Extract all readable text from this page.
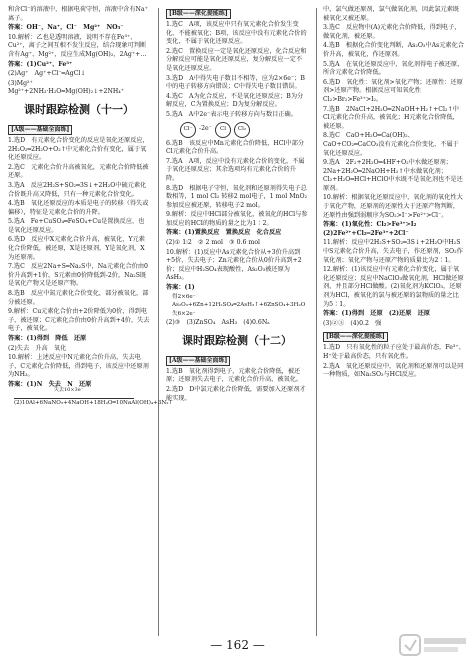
和含Cl⁻的溶液中，根据电荷守恒，溶液中含有Na⁺离子。

答案：OH⁻，Na⁺，Cl⁻　Mg²⁺　NO₃⁻

10.解析：乙也是透明溶液，说明不存在Fe³⁺、Cu²⁺，离子之间互相不发生反应，结合现象可判断含有Ag⁺、Mg²⁺，反应生成Mg(OH)₂，2Ag⁺+…

答案：(1)Cu²⁺、Fe³⁺

(2)Ag⁺　Ag⁺+Cl⁻═AgCl↓

(3)Mg²⁺　Mg²⁺+2NH₃·H₂O═Mg(OH)₂↓+2NH₄⁺

课时跟踪检测（十一）
[A级——基础全面练]

1.选D　有元素化合价变化的反应是氧化还原反应，2H₂O₂═2H₂O+O₂↑中元素化合价有变化，属于氧化还原反应。

2.选C　元素化合价升高被氧化，元素化合价降低被还原。

3.选A　反应2H₂S+SO₂═3S↓+2H₂O中硫元素化合价既升高又降低，只有一种元素化合价变化。

4.选B　氧化还原反应的本质是电子的转移（得失或偏移），特征是元素化合价的升降。

5.选A　Fe+CuSO₄═FeSO₄+Cu是置换反应，也是氧化还原反应。

6.选D　反应中X元素化合价升高，被氧化，Y元素化合价降低，被还原，X是还原剂，Y是氧化剂，X为还原剂。

7.选C　反应2Na+S═Na₂S中，Na元素化合价由0价升高到+1价，S元素由0价降低到-2价，Na₂S既是氧化产物又是还原产物。

8.选B　反应中氮元素化合价变化，部分被氧化，部分被还原。

9.解析：Cu元素化合价由+2价降低为0价，得到电子，被还原；C元素化合价由0价升高到+4价，失去电子，被氧化。

答案：(1)得到　降低　还原

(2)失去　升高　氧化

10.解析：上述反应中N元素化合价升高，失去电子，C元素化合价降低，得到电子，该反应中还原剂为NH₃。

答案：(1)N　失去　N　还原

失去10×3e⁻

(2)10Al+6NaNO₃+4NaOH+18H₂O═10NaAl(OH)₄+3N₂↑

[B级——深化提能练]

1.选C　A项，该反应中只有氧元素化合价发生变化，不能被氧化；B项，该反应中没有元素化合价的变化，不属于氧化还原反应。

2.选C　置换反应一定是氧化还原反应，化合反应和分解反应可能是氧化还原反应，复分解反应一定不是氧化还原反应。

3.选D　A中得失电子数目不相等，应为2×6e⁻；B中的电子转移方向错误；C中得失电子数目错误。

4.选C　A为化合反应，不是氧化还原反应；B为分解反应，C为置换反应；D为复分解反应。

5.选A　A中2e⁻表示电子转移方向与数目正确。

Cl⁻	-2e⁻	Cl	Cl₂

6.选B　该反应中Mn元素化合价降低，HCl中部分Cl元素化合价升高。

7.选A　A项，反应中没有元素化合价的变化，不属于氧化还原反应；其余选项均有元素化合价的升降。

8.选D　根据电子守恒，氧化剂和还原剂得失电子总数相等，1 mol Cl₂ 转移2 mol电子，1 mol MnO₂ 参加反应被还原，转移电子2 mol。

9.解析：反应中HCl部分被氧化，被氧化的HCl与参加反应的HCl的物质的量之比为1∶2。

答案：(1)置换反应　置换反应　化合反应

(2)① 1∶2　② 2 mol　③ 0.6 mol

10.解析：(1)反应中As元素化合价从+3价升高到+5价，失去电子；Zn元素化合价从0价升高到+2价；反应中H₂SO₄表现酸性，As₂O₃被还原为AsH₃。

答案：(1)

得2×6e⁻

As₂O₃+6Zn+12H₂SO₄═2AsH₃↑+6ZnSO₄+3H₂O

失6×2e⁻

(2)③　(3)ZnSO₄　AsH₃　(4)0.6Nₐ

课时跟踪检测（十二）
[A级——基础全面练]

1.选B　氧化剂得到电子，元素化合价降低，被还原；还原剂失去电子，元素化合价升高，被氧化。

2.选D　D中氯元素化合价降低，需要加入还原剂才能实现。

中，氯气做还原剂，氯气做氧化剂，因此氯元素既被氧化又被还原。

3.选C　反应物中(A)元素化合价降低，得到电子，做氧化剂，被还原。

4.选B　根据化合价变化判断，As₂O₃中As元素化合价升高，被氧化，作还原剂。

5.选A　在氧化还原反应中，氧化剂得电子被还原，所含元素化合价降低。

6.选D　氧化性：氧化剂>氧化产物；还原性：还原剂>还原产物。根据反应可知氧化性Cl₂>Br₂>Fe³⁺>I₂。

7.选B　2NaCl+2H₂O═2NaOH+H₂↑+Cl₂↑中Cl元素化合价升高，被氧化；H元素化合价降低，被还原。

8.选C　CaO+H₂O═Ca(OH)₂、CaO+CO₂═CaCO₃没有元素化合价变化，不属于氧化还原反应。

9.选A　2F₂+2H₂O═4HF+O₂中水做还原剂；2Na+2H₂O═2NaOH+H₂↑中水做氧化剂；Cl₂+H₂O═HCl+HClO中水既不是氧化剂也不是还原剂。

10.解析：根据氧化还原反应中，氧化剂的氧化性大于氧化产物，还原剂的还原性大于还原产物判断，还原性由强到弱顺序为SO₂>I⁻>Fe²⁺>Cl⁻。

答案：(1)氧化性：Cl₂>Fe³⁺>I₂　(2)2Fe²⁺+Cl₂═2Fe³⁺+2Cl⁻

11.解析：反应中2H₂S+SO₂═3S↓+2H₂O中H₂S中S元素化合价升高，失去电子，作还原剂，SO₂作氧化剂；氧化产物与还原产物的质量比为2∶1。

12.解析：(1)该反应中有元素化合价变化，属于氧化还原反应；反应中NaClO₃做氧化剂，HCl做还原剂，并且部分HCl做酸。(2)氧化剂为KClO₃，还原剂为HCl，被氧化的氯与被还原的氯物质的量之比为5∶1。

答案：(1)得到　还原　(2)还原　还原

(3)②③　(4)0.2　强

[B级——深化提能练]

1.选D　只有氧化性的粒子应处于最高价态，Fe³⁺、H⁺处于最高价态，只有氧化性。

2.选A　氧化还原反应中，氧化剂和还原剂可以是同一种物质，如Na₂SO₃与HCl反应。

— 162 —
